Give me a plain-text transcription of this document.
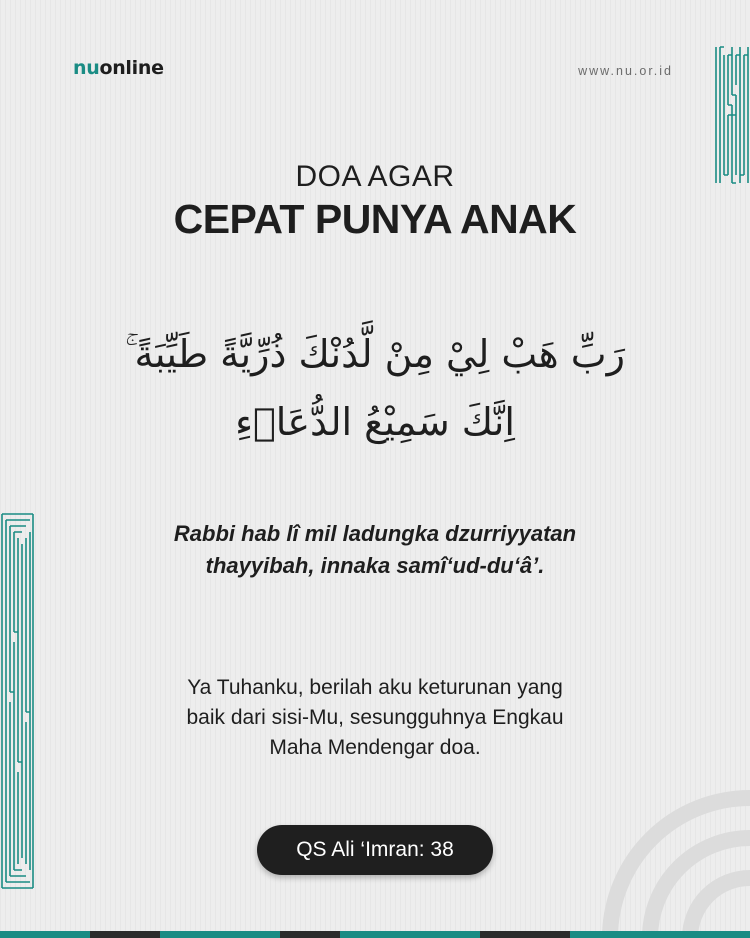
nuonline	www.nu.or.id
DOA AGAR
CEPAT PUNYA ANAK
رَبِّ هَبْ لِيْ مِنْ لَّدُنْكَ ذُرِّيَّةً طَيِّبَةً ۚ
اِنَّكَ سَمِيْعُ الدُّعَاۤءِ
Rabbi hab lî mil ladungka dzurriyyatan
thayyibah, innaka samî‘ud-du‘â’.
Ya Tuhanku, berilah aku keturunan yang
baik dari sisi-Mu, sesungguhnya Engkau
Maha Mendengar doa.
QS Ali ‘Imran: 38
